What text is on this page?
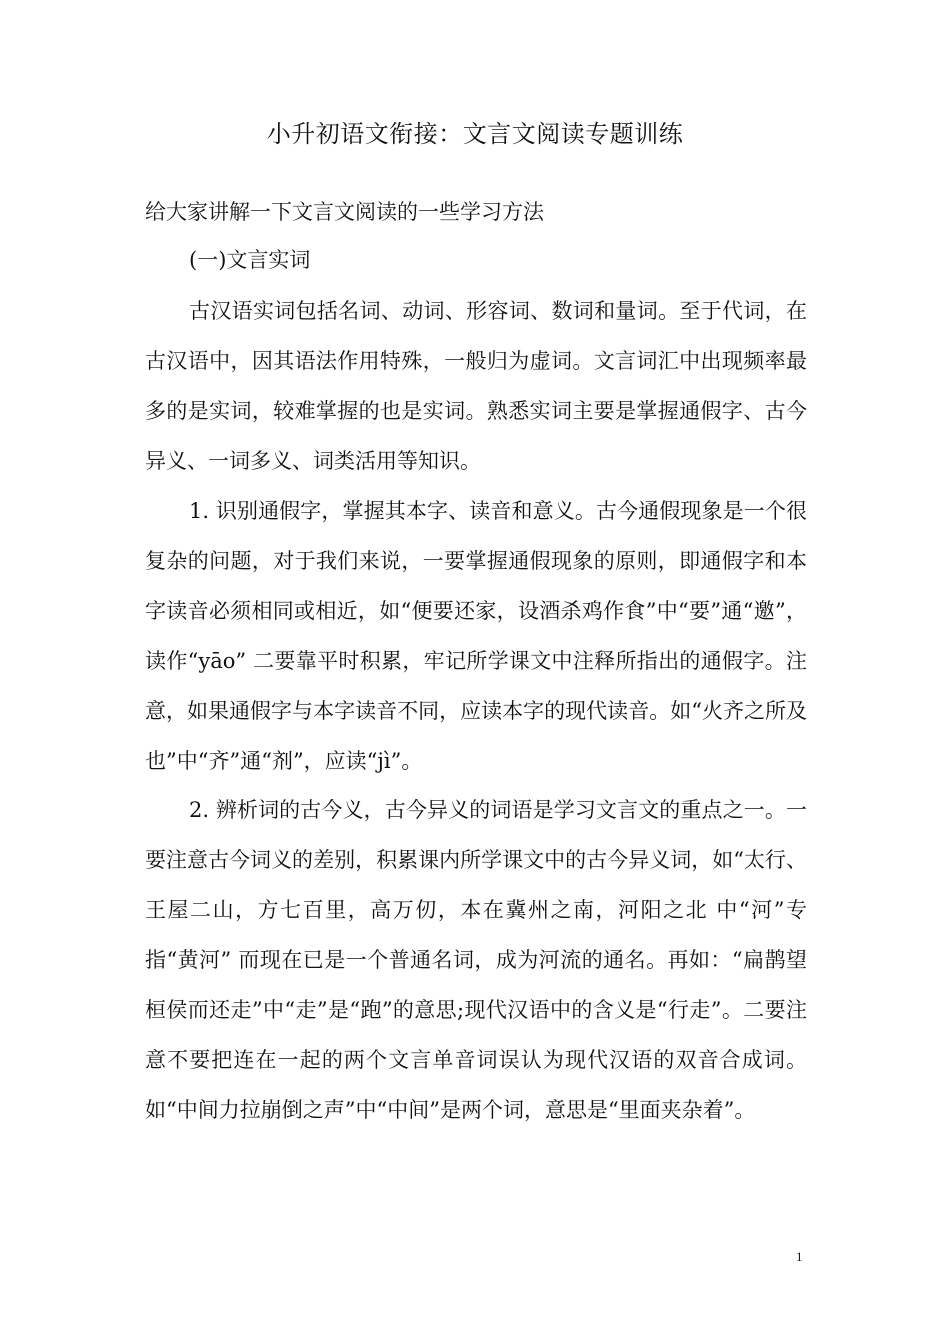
小升初语文衔接：文言文阅读专题训练
给大家讲解一下文言文阅读的一些学习方法
(一)文言实词

古汉语实词包括名词、动词、形容词、数词和量词。至于代词，在古汉语中，因其语法作用特殊，一般归为虚词。文言词汇中出现频率最多的是实词，较难掌握的也是实词。熟悉实词主要是掌握通假字、古今异义、一词多义、词类活用等知识。

1. 识别通假字，掌握其本字、读音和意义。古今通假现象是一个很复杂的问题，对于我们来说，一要掌握通假现象的原则，即通假字和本字读音必须相同或相近，如“便要还家，设酒杀鸡作食”中“要”通“邀”，读作“yāo” 二要靠平时积累，牢记所学课文中注释所指出的通假字。注意，如果通假字与本字读音不同，应读本字的现代读音。如“火齐之所及也”中“齐”通“剂”，应读“jì”。

2. 辨析词的古今义，古今异义的词语是学习文言文的重点之一。一要注意古今词义的差别，积累课内所学课文中的古今异义词，如“太行、王屋二山，方七百里，高万仞，本在冀州之南，河阳之北 中“河”专指“黄河” 而现在已是一个普通名词，成为河流的通名。再如：“扁鹊望桓侯而还走”中“走”是“跑”的意思;现代汉语中的含义是“行走”。二要注意不要把连在一起的两个文言单音词误认为现代汉语的双音合成词。如“中间力拉崩倒之声”中“中间”是两个词，意思是“里面夹杂着”。

1
